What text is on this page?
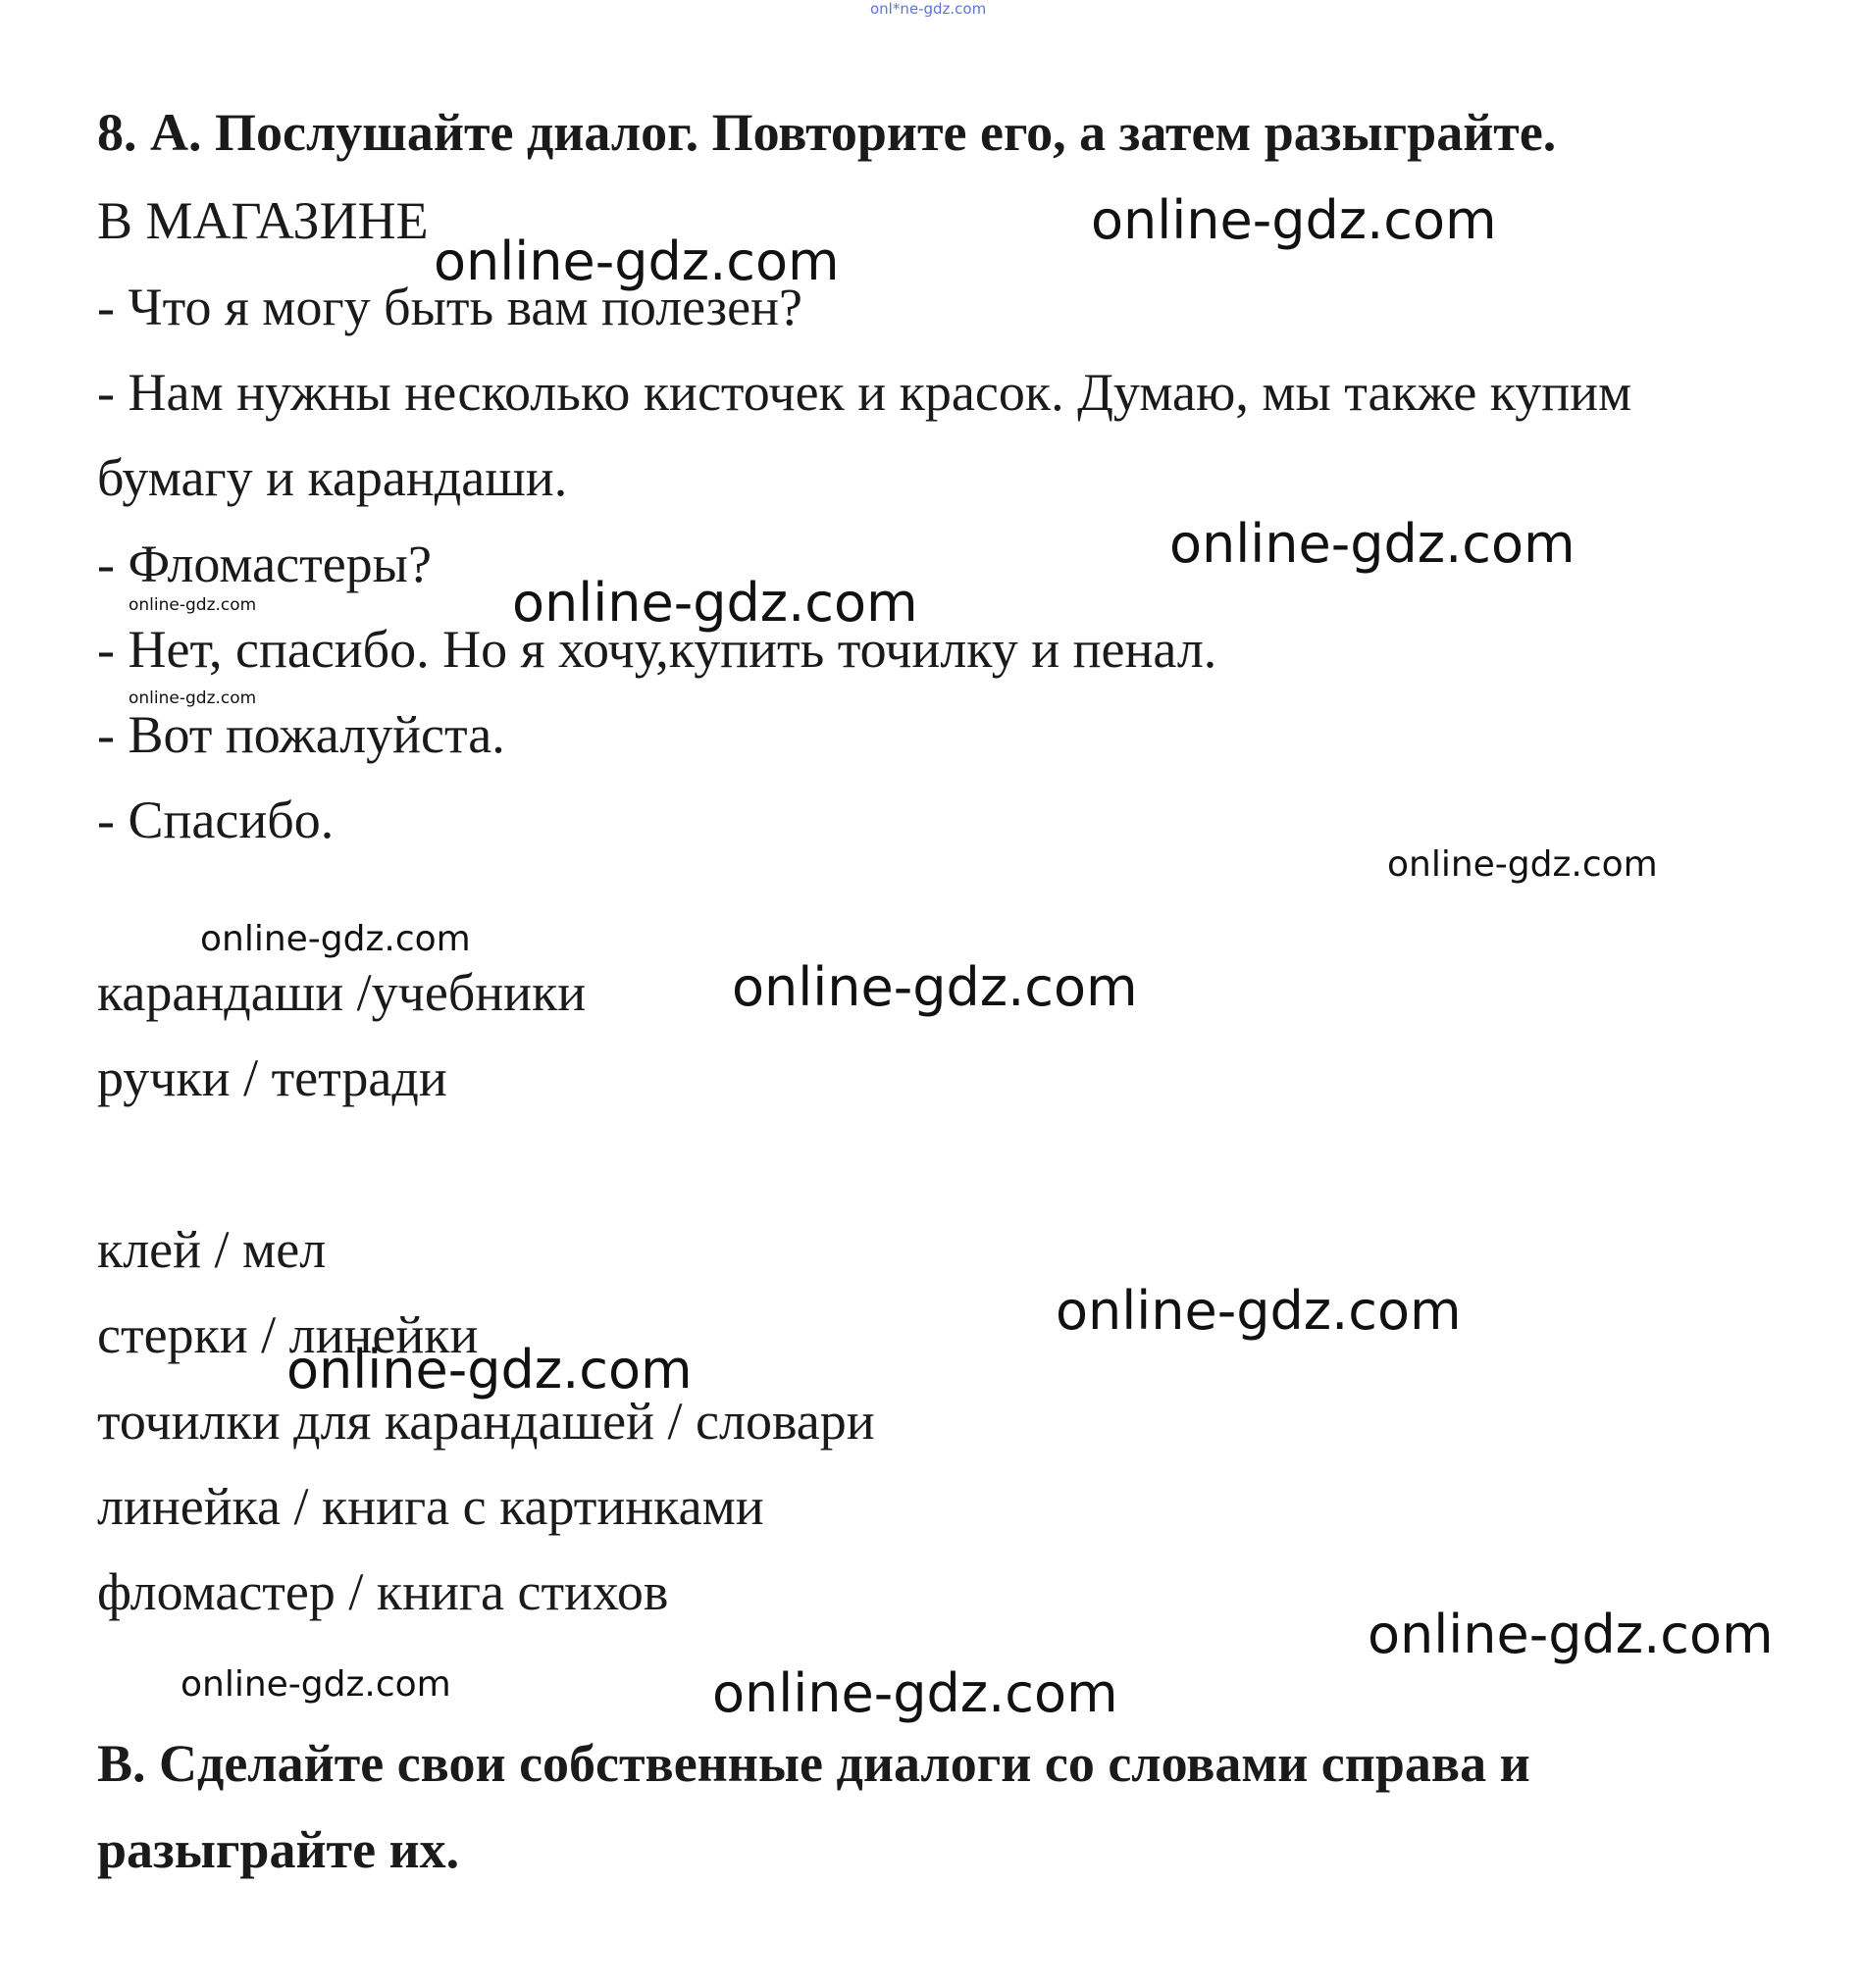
8. А. Послушайте диалог. Повторите его, а затем разыграйте.

В МАГАЗИНЕ

- Что я могу быть вам полезен?

- Нам нужны несколько кисточек и красок. Думаю, мы также купим

бумагу и карандаши.

- Фломастеры?

- Нет, спасибо. Но я хочу,купить точилку и пенал.

- Вот пожалуйста.

- Спасибо.

карандаши /учебники

ручки / тетради

клей / мел

стерки / линейки

точилки для карандашей / словари

линейка / книга с картинками

фломастер / книга стихов

В. Сделайте свои собственные диалоги со словами справа и

разыграйте их.

onl*ne-gdz.com
online-gdz.com
online-gdz.com
online-gdz.com
online-gdz.com
online-gdz.com
online-gdz.com
online-gdz.com
online-gdz.com
online-gdz.com
online-gdz.com
online-gdz.com
online-gdz.com
online-gdz.com	online-gdz.com
